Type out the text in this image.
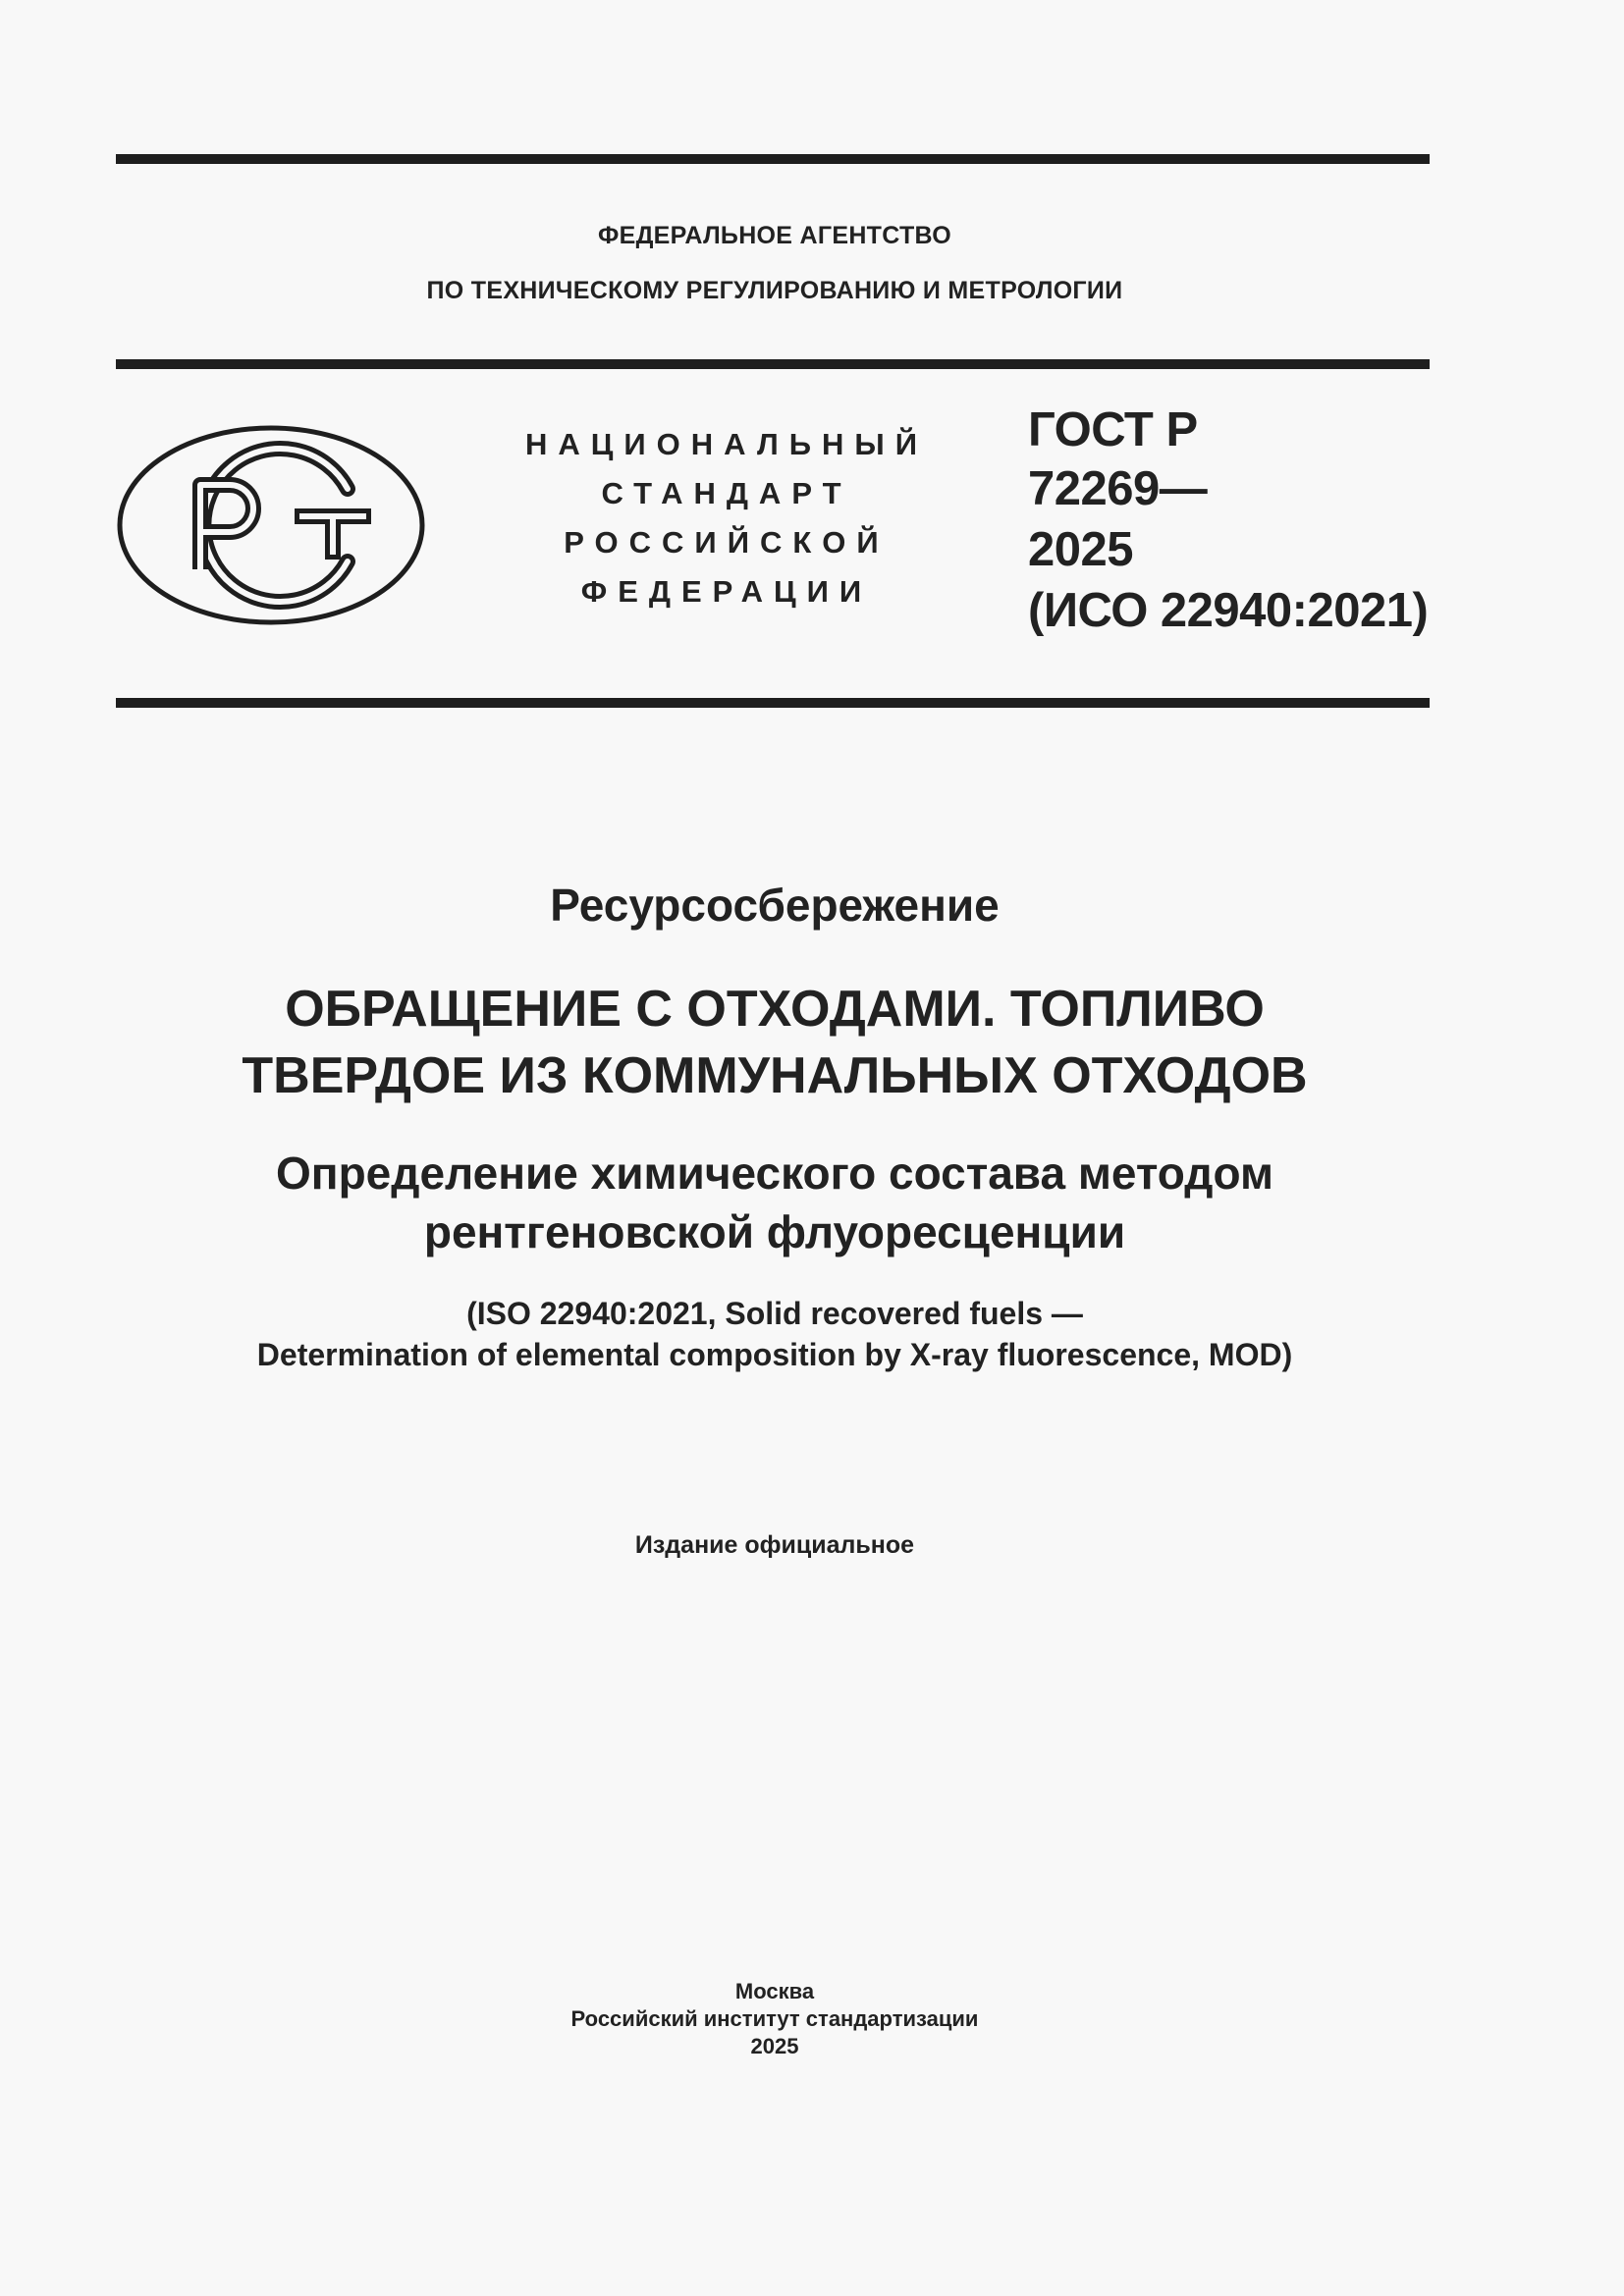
ФЕДЕРАЛЬНОЕ АГЕНТСТВО
ПО ТЕХНИЧЕСКОМУ РЕГУЛИРОВАНИЮ И МЕТРОЛОГИИ
НАЦИОНАЛЬНЫЙ
СТАНДАРТ
РОССИЙСКОЙ
ФЕДЕРАЦИИ
ГОСТ Р
72269—
2025
(ИСО 22940:2021)
Ресурсосбережение
ОБРАЩЕНИЕ С ОТХОДАМИ. ТОПЛИВО
ТВЕРДОЕ ИЗ КОММУНАЛЬНЫХ ОТХОДОВ
Определение химического состава методом
рентгеновской флуоресценции
(ISO 22940:2021, Solid recovered fuels —
Determination of elemental composition by X-ray fluorescence, MOD)
Издание официальное
Москва
Российский институт стандартизации
2025
